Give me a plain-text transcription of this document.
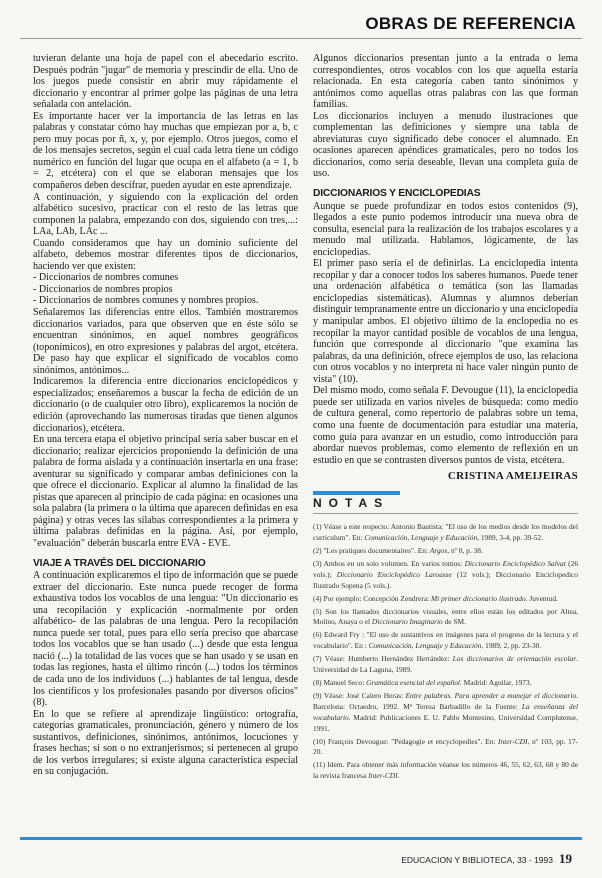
OBRAS DE REFERENCIA

tuvieran delante una hoja de papel con el abecedario escrito. Después podrán "jugar" de memoria y prescindir de ella. Uno de los juegos puede consistir en abrir muy rápidamente el diccionario y encontrar al primer golpe las páginas de una letra señalada con antelación.

Es importante hacer ver la importancia de las letras en las palabras y constatar cómo hay muchas que empiezan por a, b, c pero muy pocas por ñ, x, y, por ejemplo. Otros juegos, como el de los mensajes secretos, según el cual cada letra tiene un código numérico en función del lugar que ocupa en el alfabeto (a = 1, b = 2, etcétera) con el que se elaboran mensajes que los compañeros deben descifrar, pueden ayudar en este aprendizaje.

A continuación, y siguiendo con la explicación del orden alfabético sucesivo, practicar con el resto de las letras que componen la palabra, empezando con dos, siguiendo con tres,...: LAa, LAb, LAc ...

Cuando consideramos que hay un dominio suficiente del alfabeto, debemos mostrar diferentes tipos de diccionarios, haciendo ver que existen:

- Diccionarios de nombres comunes

- Diccionarios de nombres propios

- Diccionarios de nombres comunes y nombres propios.

Señalaremos las diferencias entre ellos. También mostraremos diccionarios variados, para que observen que en éste sólo se encuentran sinónimos, en aquel nombres geográficos (toponímicos), en otro expresiones y palabras del argot, etcétera. De paso hay que explicar el significado de vocablos como sinónimos, antónimos...

Indicaremos la diferencia entre diccionarios enciclopédicos y especializados; enseñaremos a buscar la fecha de edición de un diccionario (o de cualquier otro libro), explicaremos la noción de edición (aprovechando las numerosas tiradas que tienen algunos diccionarios), etcétera.

En una tercera etapa el objetivo principal sería saber buscar en el diccionario; realizar ejercicios proponiendo la definición de una palabra de forma aislada y a continuación insertarla en una frase: aventurar su significado y comparar ambas definiciones con la que ofrece el diccionario. Explicar al alumno la finalidad de las pistas que aparecen al principio de cada página: en ocasiones una sola palabra (la primera o la última que aparecen definidas en esa página) y otras veces las sílabas correspondientes a la primera y última palabras definidas en la página. Así, por ejemplo, "evaluación" deberán buscarla entre EVA - EVE.

VIAJE A TRAVÉS DEL DICCIONARIO

A continuación explicaremos el tipo de información que se puede extraer del diccionario. Este nunca puede recoger de forma exhaustiva todos los vocablos de una lengua: "Un diccionario es una recopilación y explicación -normalmente por orden alfabético- de las palabras de una lengua. Pero la recopilación nunca puede ser total, pues para ello sería preciso que abarcase todos los vocablos que se han usado (...) desde que esta lengua nació (...) la totalidad de las voces que se han usado y se usan en todas las regiones, hasta el último rincón (...) todos los términos de cada uno de los individuos (...) hablantes de tal lengua, desde los científicos y los profesionales pasando por diversos oficios" (8).

En lo que se refiere al aprendizaje lingüístico: ortografía, categorías gramaticales, pronunciación, género y número de los sustantivos, definiciones, sinónimos, antónimos, locuciones y frases hechas; si son o no extranjerismos; si pertenecen al grupo de los verbos irregulares; si existe alguna característica especial en su conjugación.

Algunos diccionarios presentan junto a la entrada o lema correspondientes, otros vocablos con los que aquella estaría relacionada. En esta categoría caben tanto sinónimos y antónimos como aquellas otras palabras con las que forman familias.

Los diccionarios incluyen a menudo ilustraciones que complementan las definiciones y siempre una tabla de abreviaturas cuyo significado debe conocer el alumnado. En ocasiones aparecen apéndices gramaticales, pero no todos los diccionarios, como sería deseable, llevan una completa guía de uso.

DICCIONARIOS Y ENCICLOPEDIAS

Aunque se puede profundizar en todos estos contenidos (9), llegados a este punto podemos introducir una nueva obra de consulta, esencial para la realización de los trabajos escolares y a menudo mal utilizada. Hablamos, lógicamente, de las enciclopedias.

El primer paso sería el de definirlas. La enciclopedia intenta recopilar y dar a conocer todos los saberes humanos. Puede tener una ordenación alfabética o temática (son las llamadas enciclopedias sistemáticas). Alumnas y alumnos deberían distinguir tempranamente entre un diccionario y una enciclopedia y manipular ambos. El objetivo último de la enclopedia no es recopilar la mayor cantidad posible de vocablos de una lengua, función que corresponde al diccionario "que examina las palabras, da una definición, ofrece ejemplos de uso, las relaciona con otros vocablos y no interpreta ni hace valer ningún punto de vista" (10).

Del mismo modo, como señala F. Devougue (11), la enciclopedia puede ser utilizada en varios niveles de búsqueda: como medio de cultura general, como repertorio de palabras sobre un tema, como una fuente de documentación para estudiar una materia, como guía para avanzar en un estudio, como introducción para abordar nuevos problemas, como elemento de reflexión en un estudio en que se contrasten diversos puntos de vista, etcétera.

CRISTINA AMEIJEIRAS
NOTAS

(1) Véase a este respecto: Antonio Bautista: "El uso de los medios desde los modelos del curriculum". En: Comunicación, Lenguaje y Educación, 1989, 3-4, pp. 39-52.

(2) "Les pratiques documentaires". En: Argos, nº 0, p. 38.

(3) Ambos en un solo volumen. En varios tomos: Diccionario Enciclopédico Salvat (26 vols.); Diccionario Enciclopédico Larousse (12 vols.); Diccionario Enciclopedico Ilustrado Sopena (5 vols.).

(4) Por ejemplo: Concepción Zendrera: Mi primer diccionario ilustrado. Juventud.

(5) Son los llamados diccionarios visuales, entre ellos están los editados por Altea, Molino, Anaya o el Diccionario Imaginario de SM.

(6) Edward Fry : "El uso de sustantivos en imágenes para el progreso de la lectura y el vocabulario". En : Comunicación, Lenguaje y Educación, 1989, 2, pp. 23-30.

(7) Véase: Humberto Hernández Herrández: Los diccionarios de orientación escolar. Universidad de La Laguna, 1989.

(8) Manuel Seco: Gramática esencial del español. Madrid: Aguilar, 1973.

(9) Véase: José Calero Heras: Entre palabras. Para aprender a manejar el diccionario. Barcelona: Octaedro, 1992. Mª Teresa Barbadillo de la Fuente: La enseñanza del vocabulario. Madrid: Publicaciones E. U. Pablo Montesino, Universidad Complutense, 1991.

(10) François Devougue: "Pedagogie et encyclopedies". En: Inter-CDI, nº 103, pp. 17-20.

(11) Idem. Para obtener más información véanse los números 46, 55, 62, 63, 68 y 80 de la revista francesa Inter-CDI.

EDUCACION Y BIBLIOTECA, 33 - 1993 19
